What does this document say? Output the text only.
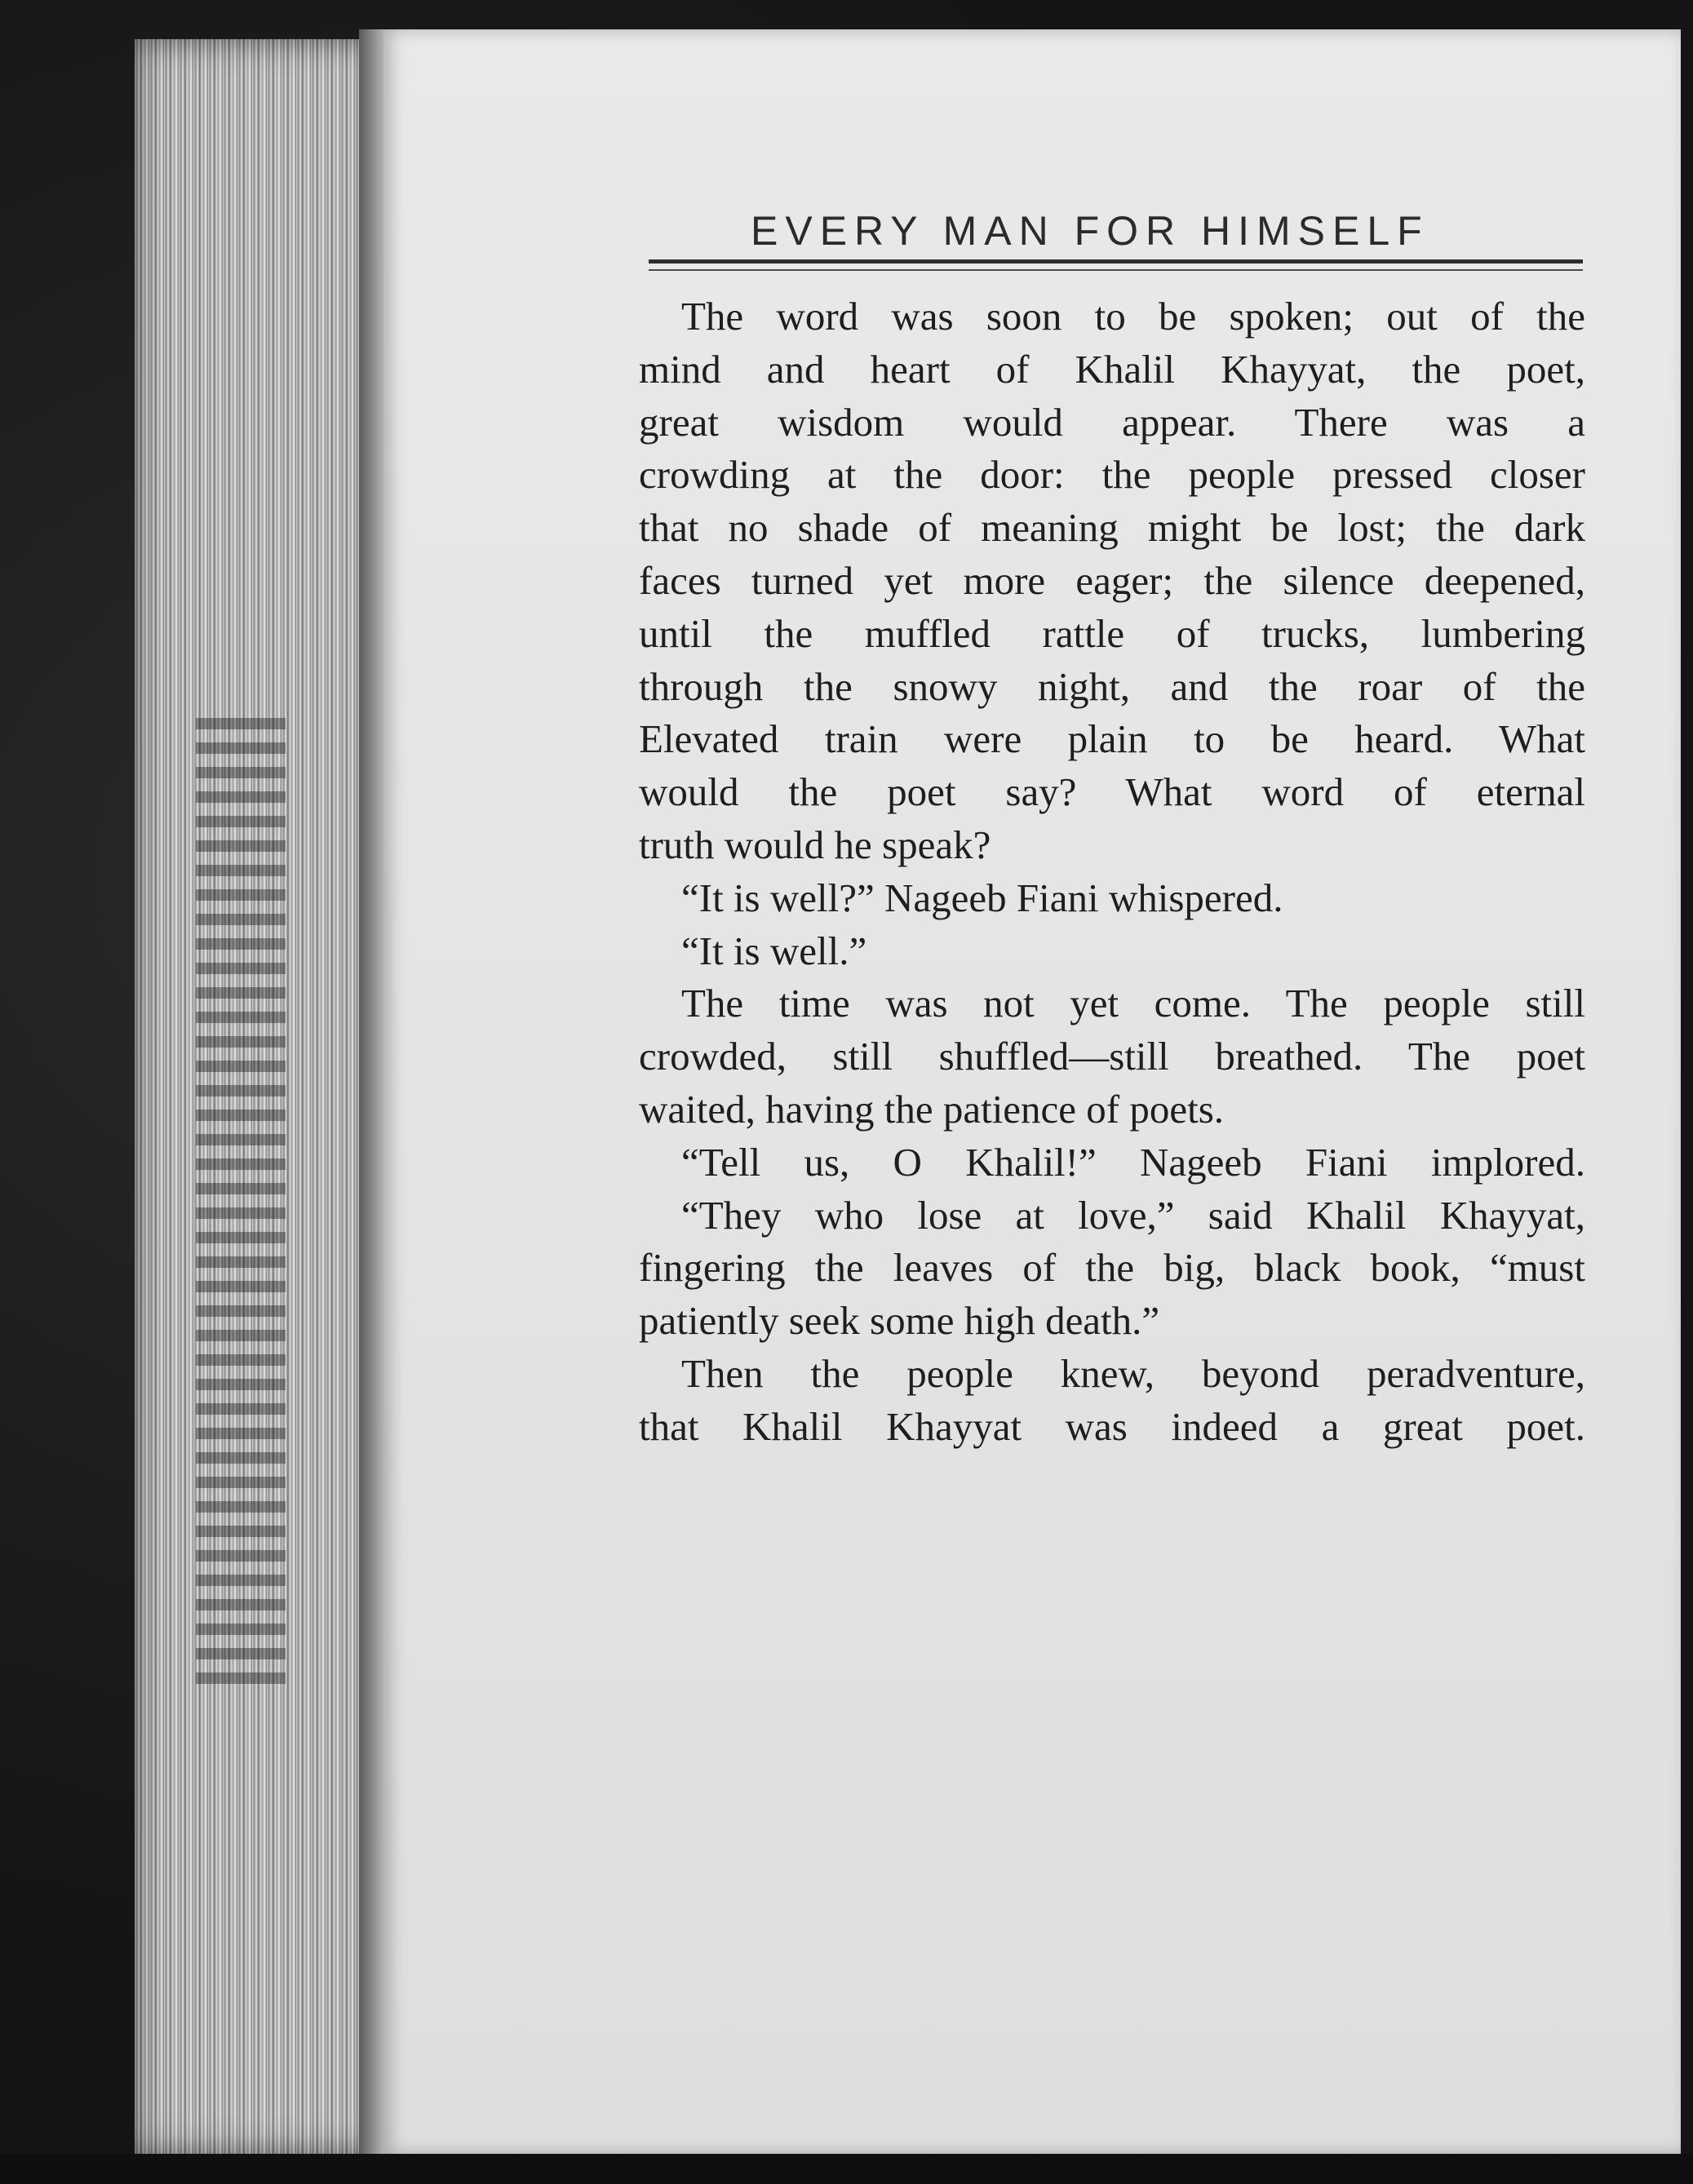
EVERY MAN FOR HIMSELF
The word was soon to be spoken; out of the
mind and heart of Khalil Khayyat, the poet,
great wisdom would appear. There was a
crowding at the door: the people pressed closer
that no shade of meaning might be lost; the dark
faces turned yet more eager; the silence deepened,
until the muffled rattle of trucks, lumbering
through the snowy night, and the roar of the
Elevated train were plain to be heard. What
would the poet say? What word of eternal
truth would he speak?
“It is well?” Nageeb Fiani whispered.
“It is well.”
The time was not yet come. The people still
crowded, still shuffled—still breathed. The poet
waited, having the patience of poets.
“Tell us, O Khalil!” Nageeb Fiani implored.
“They who lose at love,” said Khalil Khayyat,
fingering the leaves of the big, black book, “must
patiently seek some high death.”
Then the people knew, beyond peradventure,
that Khalil Khayyat was indeed a great poet.
